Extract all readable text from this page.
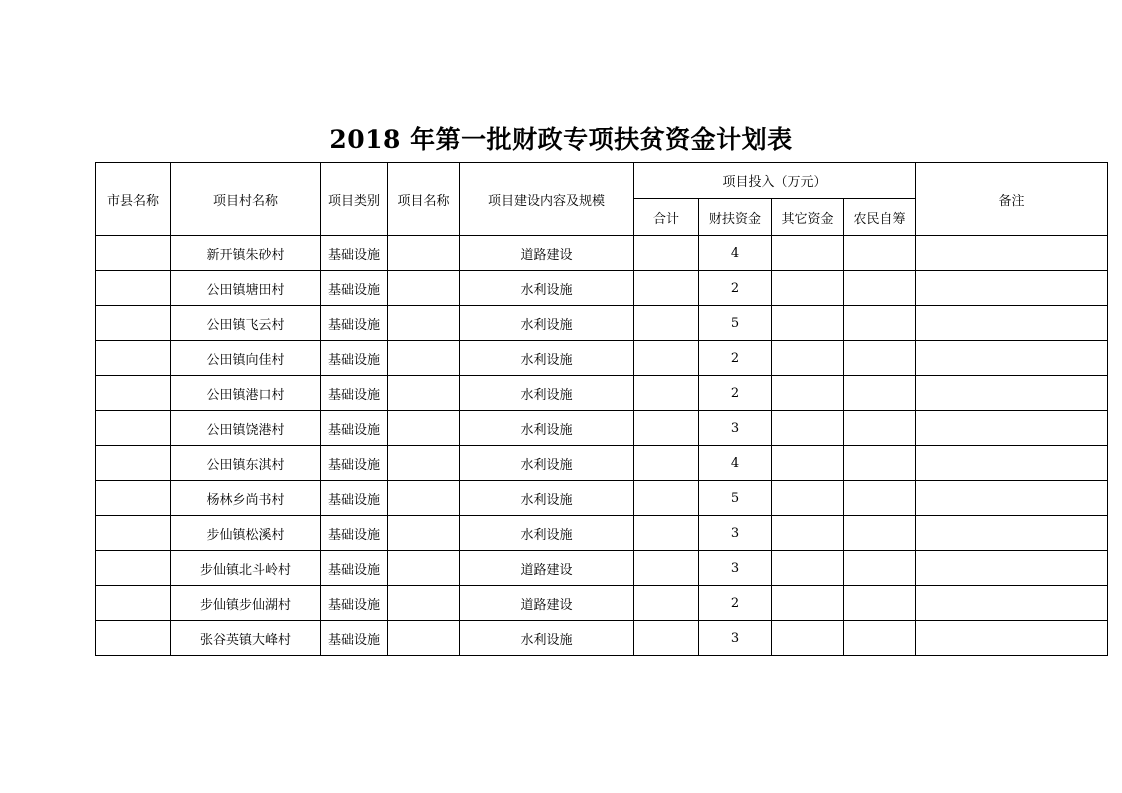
2018 年第一批财政专项扶贫资金计划表
市县名称	项目村名称	项目类别	项目名称	项目建设内容及规模	项目投入（万元）				备注
					合计	财扶资金	其它资金	农民自筹	
	新开镇朱砂村	基础设施		道路建设		4			
	公田镇塘田村	基础设施		水利设施		2			
	公田镇飞云村	基础设施		水利设施		5			
	公田镇向佳村	基础设施		水利设施		2			
	公田镇港口村	基础设施		水利设施		2			
	公田镇饶港村	基础设施		水利设施		3			
	公田镇东淇村	基础设施		水利设施		4			
	杨林乡尚书村	基础设施		水利设施		5			
	步仙镇松溪村	基础设施		水利设施		3			
	步仙镇北斗岭村	基础设施		道路建设		3			
	步仙镇步仙湖村	基础设施		道路建设		2			
	张谷英镇大峰村	基础设施		水利设施		3			
